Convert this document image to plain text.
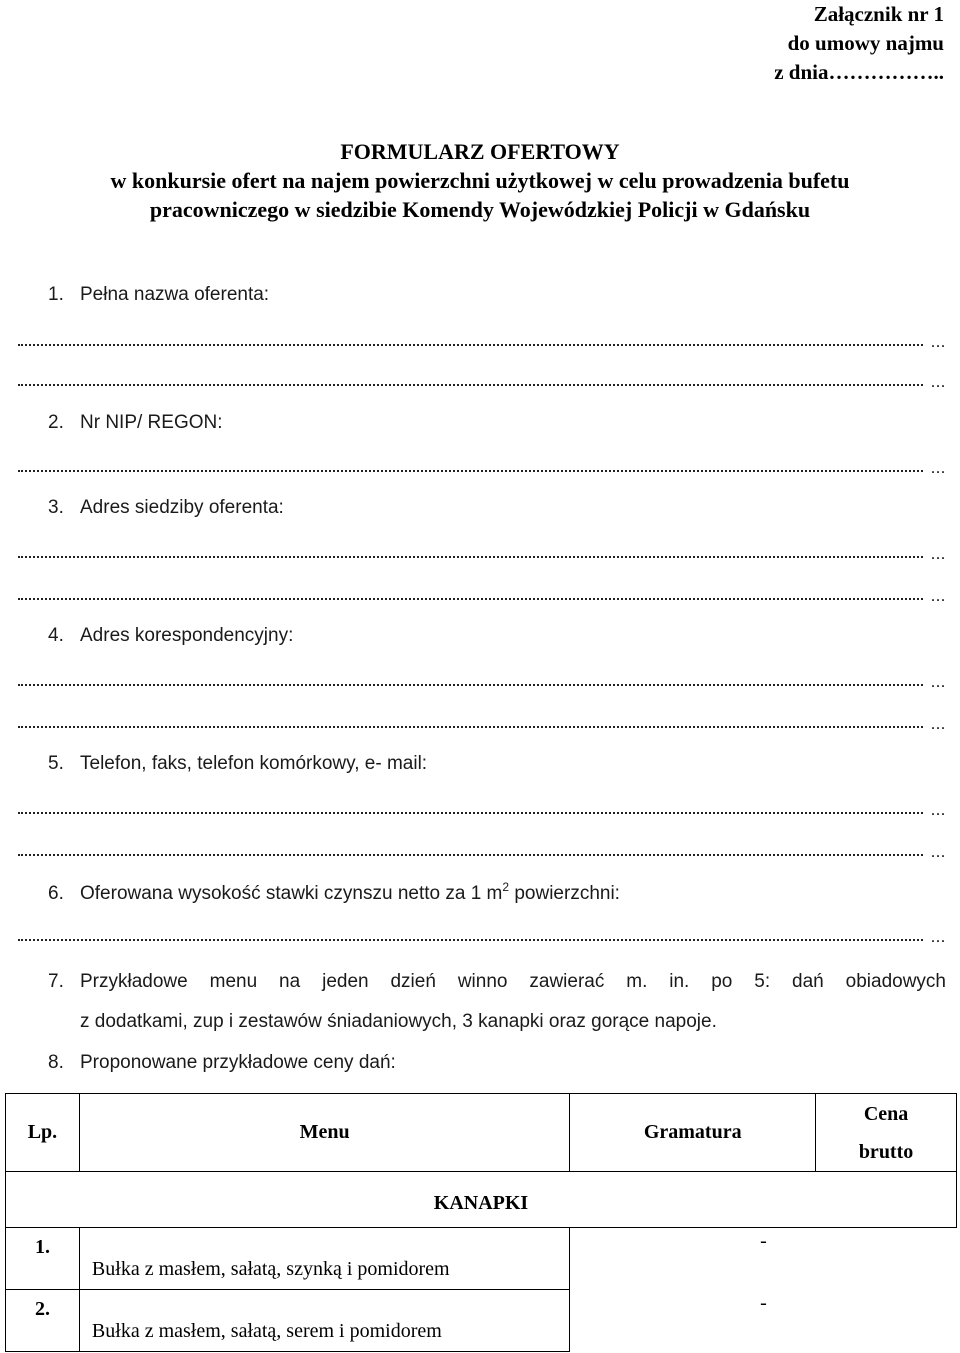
Załącznik nr 1
do umowy najmu
z dnia……………..
FORMULARZ OFERTOWY
w konkursie ofert na najem powierzchni użytkowej w celu prowadzenia bufetu
pracowniczego w siedzibie Komendy Wojewódzkiej Policji w Gdańsku
1. Pełna nazwa oferenta:
...
...
2. Nr NIP/ REGON:
...
3. Adres siedziby oferenta:
...
...
4. Adres korespondencyjny:
...
...
5. Telefon, faks, telefon komórkowy, e- mail:
...
...
6. Oferowana wysokość stawki czynszu netto za 1 $m^2$ powierzchni:
...
7. Przykładowe menu na jeden dzień winno zawierać m. in. po 5: dań obiadowych
z dodatkami, zup i zestawów śniadaniowych, 3 kanapki oraz gorące napoje.
8. Proponowane przykładowe ceny dań:
Lp.	Menu	Gramatura	Cena
brutto

KANAPKI			
1.	Bułka z masłem, sałatą, szynką i pomidorem	-	
2.	Bułka z masłem, sałatą, serem i pomidorem	-	
